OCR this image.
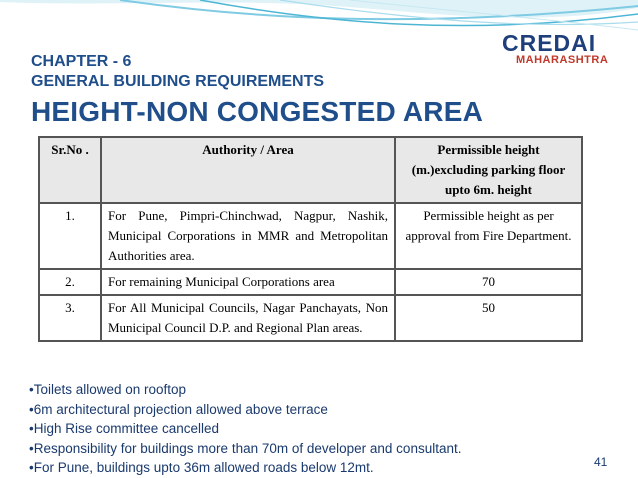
CREDAI
MAHARASHTRA
CHAPTER - 6
GENERAL BUILDING REQUIREMENTS
HEIGHT-NON CONGESTED AREA
Sr.No .	Authority / Area	Permissible height (m.)excluding parking floor upto 6m. height
1.	For Pune, Pimpri-Chinchwad, Nagpur, Nashik, Municipal Corporations in MMR and Metropolitan Authorities area.	Permissible height as per approval from Fire Department.
2.	For remaining Municipal Corporations area	70
3.	For All Municipal Councils, Nagar Panchayats, Non Municipal Council D.P. and Regional Plan areas.	50
•Toilets allowed on rooftop
•6m architectural projection allowed above terrace
•High Rise committee cancelled
•Responsibility for buildings more than 70m of developer and consultant.
•For Pune, buildings upto 36m allowed roads below 12mt.	41
